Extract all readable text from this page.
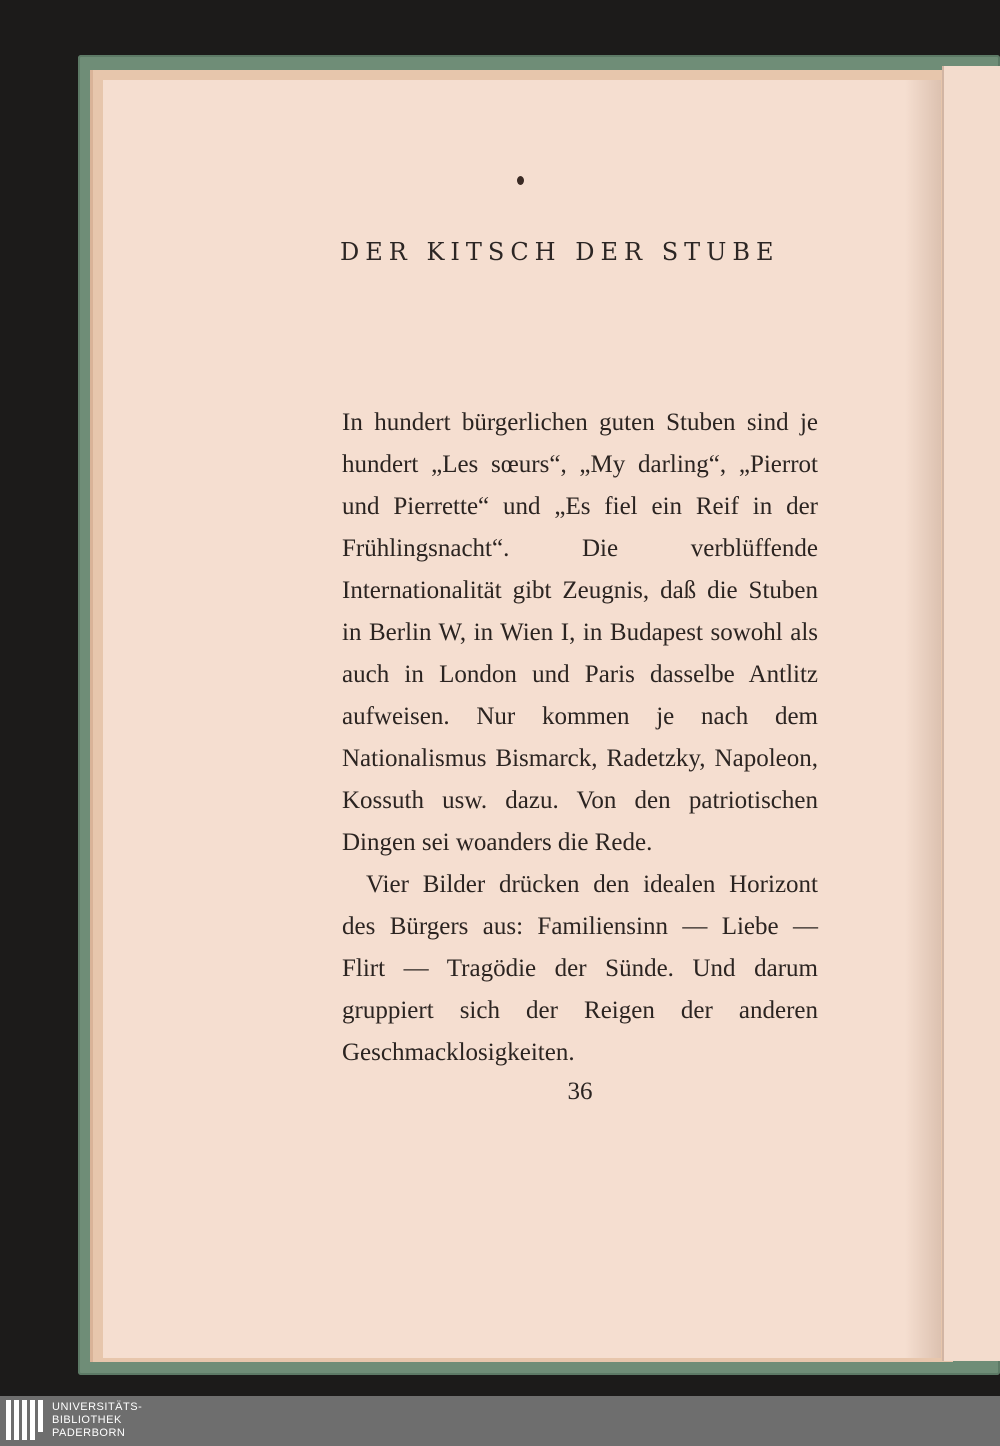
DER KITSCH DER STUBE

In hundert bürgerlichen guten Stuben sind je hundert „Les sœurs“, „My darling“, „Pierrot und Pierrette“ und „Es fiel ein Reif in der Frühlingsnacht“. Die verblüffende Internationalität gibt Zeugnis, daß die Stuben in Berlin W, in Wien I, in Budapest sowohl als auch in London und Paris dasselbe Antlitz aufweisen. Nur kommen je nach dem Nationalismus Bismarck, Radetzky, Napoleon, Kossuth usw. dazu. Von den patriotischen Dingen sei woanders die Rede.

Vier Bilder drücken den idealen Horizont des Bürgers aus: Familiensinn — Liebe — Flirt — Tragödie der Sünde. Und darum gruppiert sich der Reigen der anderen Geschmacklosigkeiten.

36
UNIVERSITÄTS-
BIBLIOTHEK
PADERBORN
